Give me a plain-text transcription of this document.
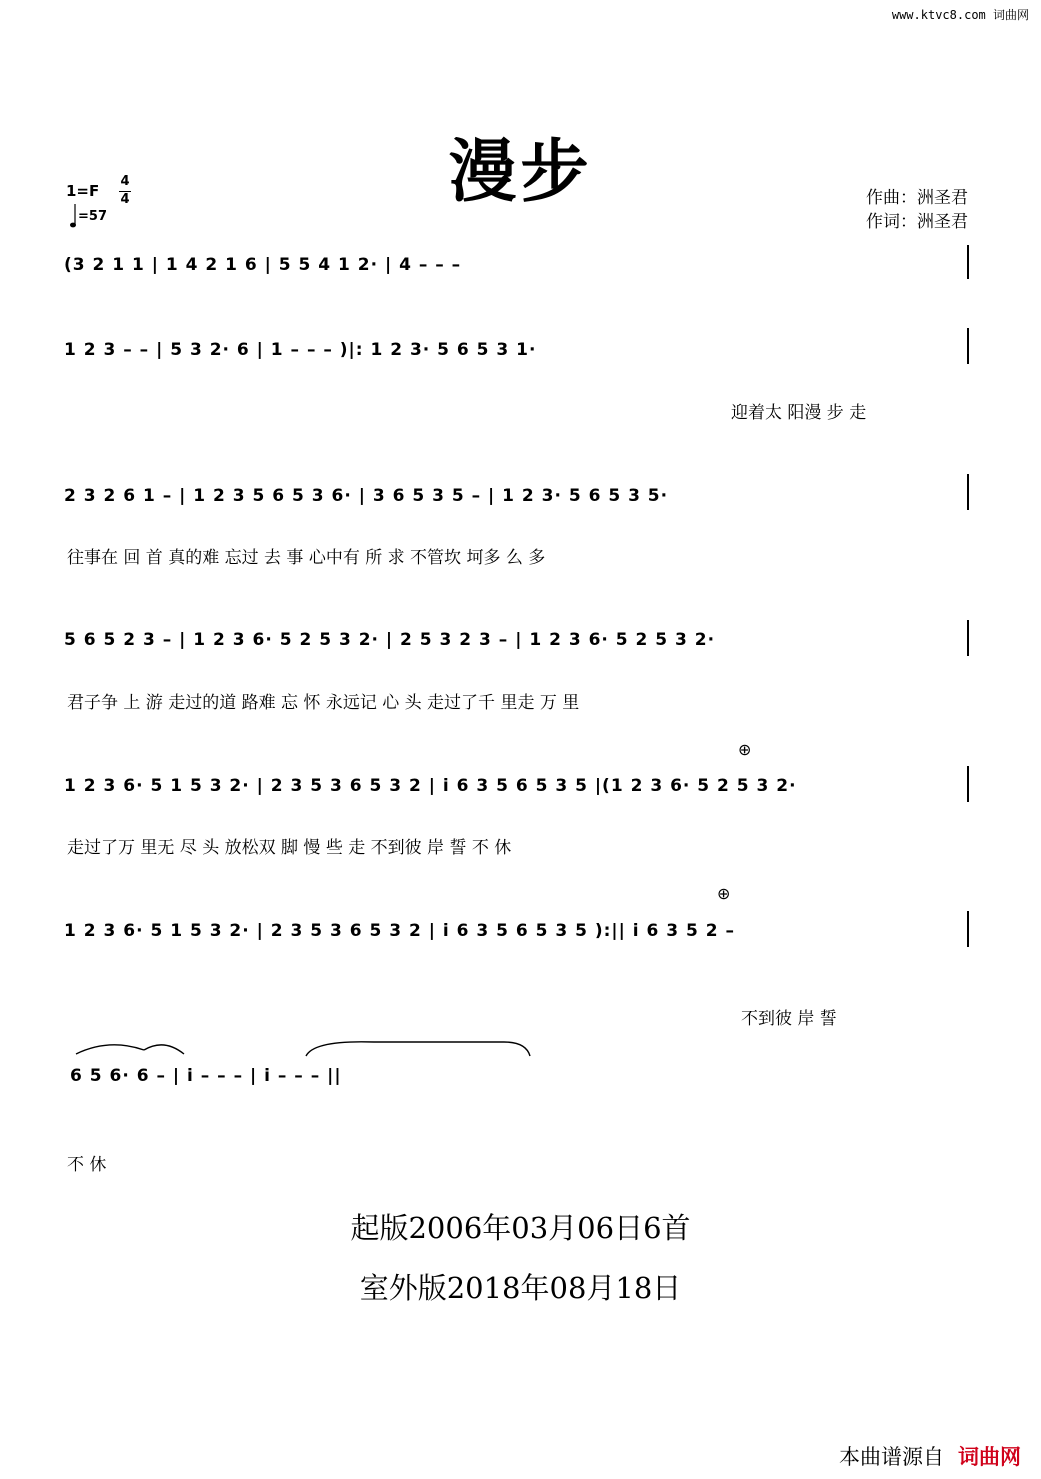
www.ktvc8.com 词曲网
漫步
1=F
4
4
=57
作曲：洲圣君
作词：洲圣君
(3 2 1 1 | 1 4 2 1 6 | 5 5 4 1 2· | 4 – – –
1 2 3 – – | 5 3 2· 6 | 1 – – – )|: 1 2 3· 5 6 5 3 1·
迎着太 阳漫 步 走
2 3 2 6 1 – | 1 2 3 5 6 5 3 6· | 3 6 5 3 5 – | 1 2 3· 5 6 5 3 5·
往事在 回 首 真的难 忘过 去 事 心中有 所 求 不管坎 坷多 么 多
5 6 5 2 3 – | 1 2 3 6· 5 2 5 3 2· | 2 5 3 2 3 – | 1 2 3 6· 5 2 5 3 2·
君子争 上 游 走过的道 路难 忘 怀 永远记 心 头 走过了千 里走 万 里
⊕
1 2 3 6· 5 1 5 3 2· | 2 3 5 3 6 5 3 2 | i 6 3 5 6 5 3 5 |(1 2 3 6· 5 2 5 3 2·
走过了万 里无 尽 头 放松双 脚 慢 些 走 不到彼 岸 誓 不 休
⊕
1 2 3 6· 5 1 5 3 2· | 2 3 5 3 6 5 3 2 | i 6 3 5 6 5 3 5 ):|| i 6 3 5 2 –
不到彼 岸 誓
6 5 6· 6 – | i – – – | i – – – ||
不 休
起版2006年03月06日6首
室外版2018年08月18日
本曲谱源自 词曲网
